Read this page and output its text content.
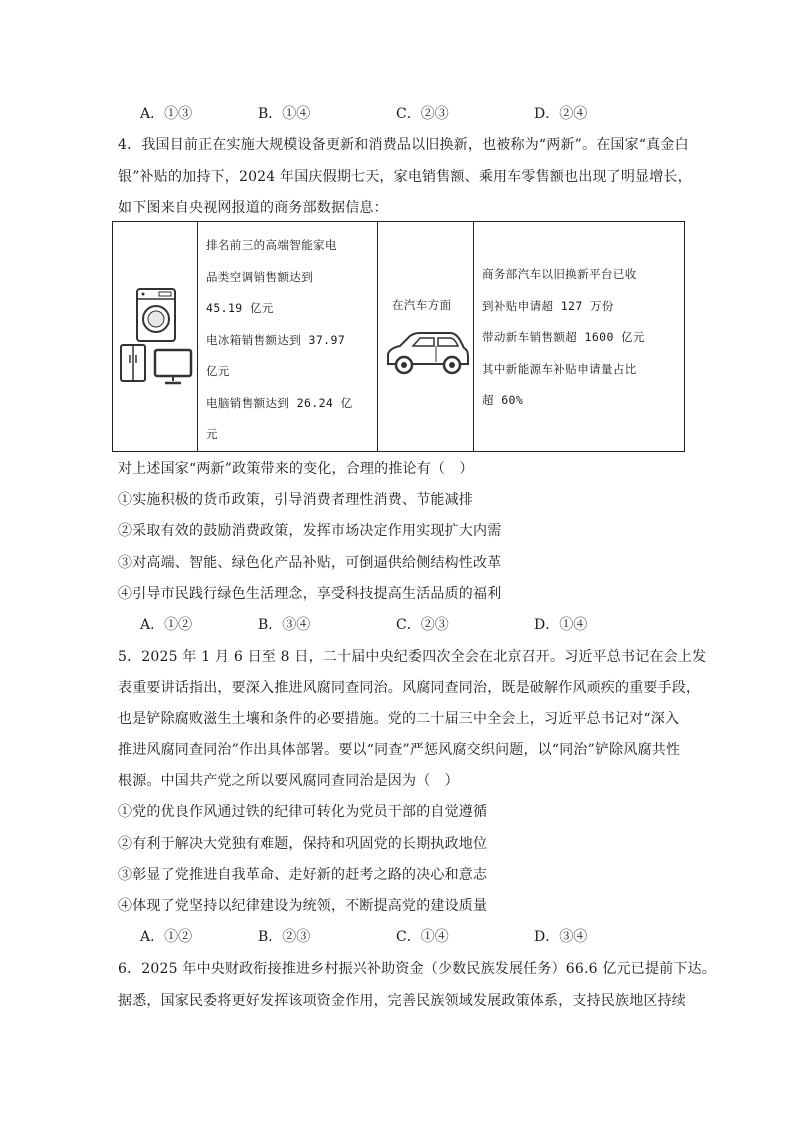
A．①③	B．①④	C．②③	D．②④
4．我国目前正在实施大规模设备更新和消费品以旧换新，也被称为“两新”。在国家“真金白
银”补贴的加持下，2024 年国庆假期七天，家电销售额、乘用车零售额也出现了明显增长，
如下图来自央视网报道的商务部数据信息：
排名前三的高端智能家电
品类空调销售额达到
45.19 亿元
电冰箱销售额达到 37.97
亿元
电脑销售额达到 26.24 亿
元
在汽车方面
商务部汽车以旧换新平台已收
到补贴申请超 127 万份
带动新车销售额超 1600 亿元
其中新能源车补贴申请量占比
超 60%
对上述国家“两新”政策带来的变化，合理的推论有（　）
①实施积极的货币政策，引导消费者理性消费、节能减排
②采取有效的鼓励消费政策，发挥市场决定作用实现扩大内需
③对高端、智能、绿色化产品补贴，可倒逼供给侧结构性改革
④引导市民践行绿色生活理念，享受科技提高生活品质的福利
A．①②	B．③④	C．②③	D．①④
5．2025 年 1 月 6 日至 8 日，二十届中央纪委四次全会在北京召开。习近平总书记在会上发
表重要讲话指出，要深入推进风腐同查同治。风腐同查同治，既是破解作风顽疾的重要手段，
也是铲除腐败滋生土壤和条件的必要措施。党的二十届三中全会上，习近平总书记对“深入
推进风腐同查同治”作出具体部署。要以“同查”严惩风腐交织问题，以“同治”铲除风腐共性
根源。中国共产党之所以要风腐同查同治是因为（　）
①党的优良作风通过铁的纪律可转化为党员干部的自觉遵循
②有利于解决大党独有难题，保持和巩固党的长期执政地位
③彰显了党推进自我革命、走好新的赶考之路的决心和意志
④体现了党坚持以纪律建设为统领，不断提高党的建设质量
A．①②	B．②③	C．①④	D．③④
6．2025 年中央财政衔接推进乡村振兴补助资金（少数民族发展任务）66.6 亿元已提前下达。
据悉，国家民委将更好发挥该项资金作用，完善民族领域发展政策体系，支持民族地区持续
